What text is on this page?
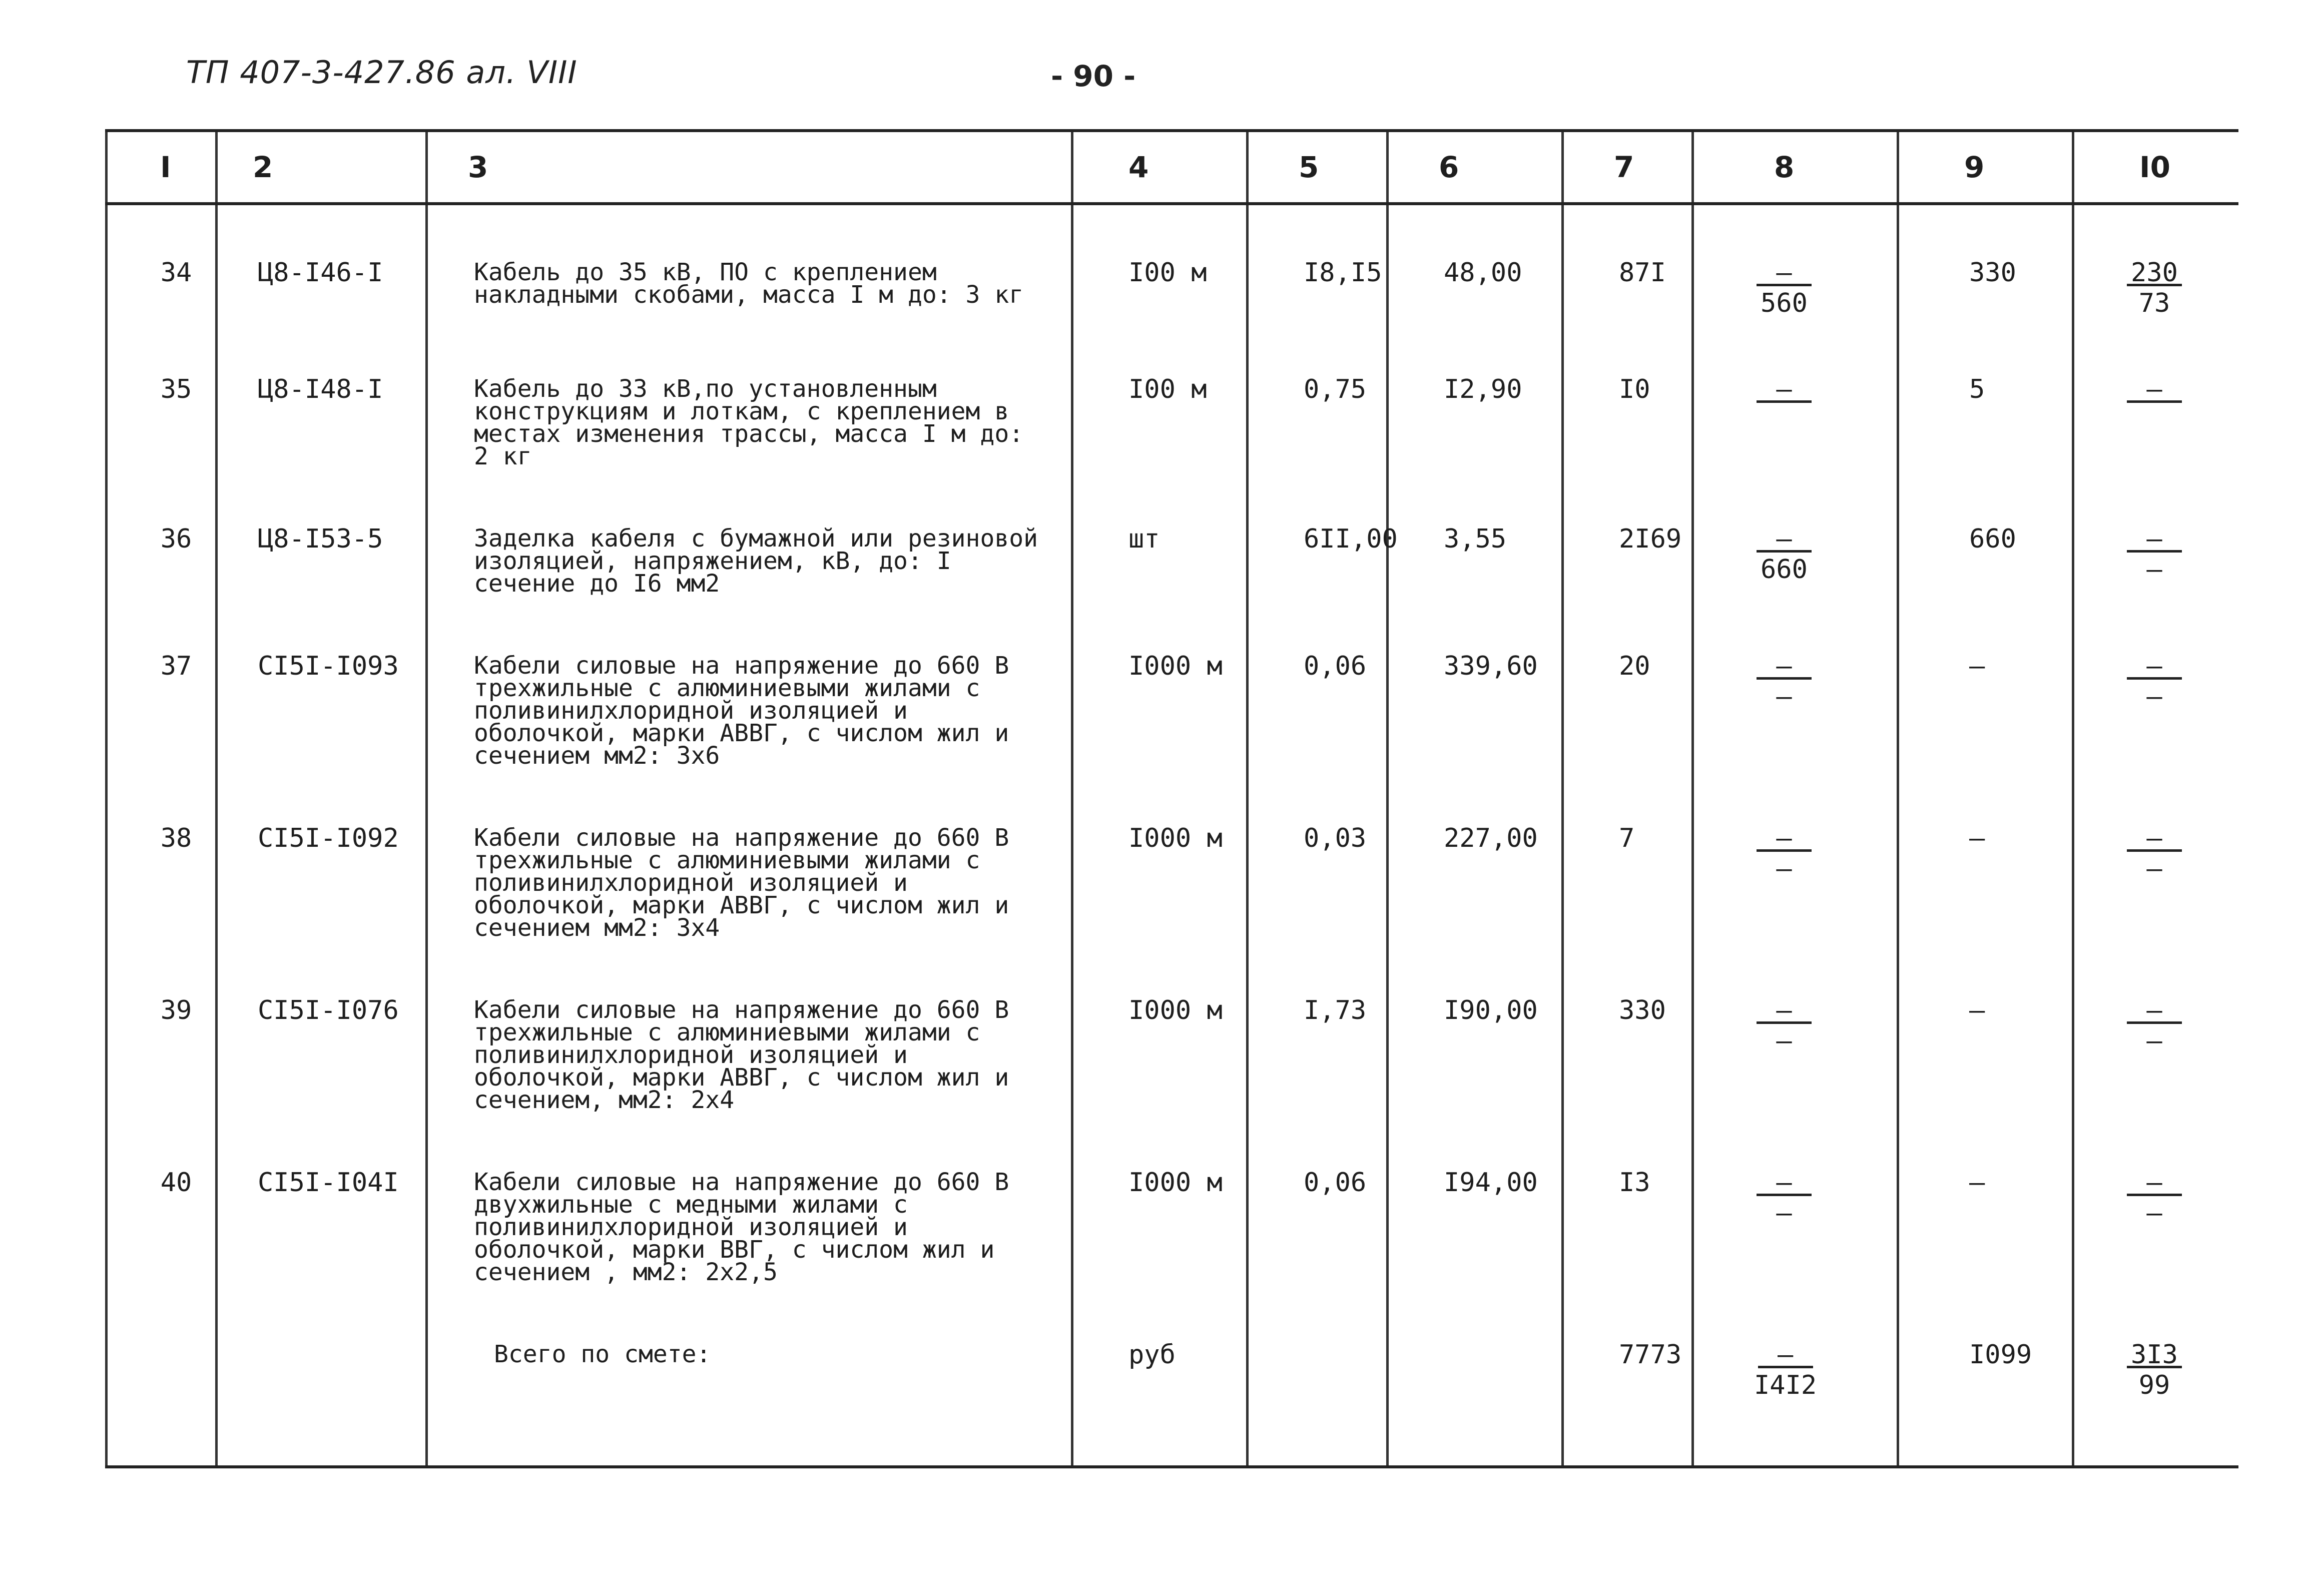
ТП 407-3-427.86 ал. VIII	- 90 -
I	2	3	4	5	6	7	8	9	I0
34	Ц8-I46-I	Кабель до 35 кВ, ПО с креплением накладными скобами, масса I м до: 3 кг	I00 м	I8,I5	48,00	87I	$\frac{-}{560}$	330	$\frac{230}{73}$

35	Ц8-I48-I	Кабель до 33 кВ,по установленным конструкциям и лоткам, с креплением в местах изменения трассы, масса I м до: 2 кг	I00 м	0,75	I2,90	I0	–	5	–

36	Ц8-I53-5	Заделка кабеля с бумажной или резиновой изоляцией, напряжением, кВ, до: I сечение до I6 мм2	шт	6II,00	3,55	2I69	$\frac{-}{660}$	660	$\frac{-}{-}$

37	СI5I-I093	Кабели силовые на напряжение до 660 В трехжильные с алюминиевыми жилами с поливинилхлоридной изоляцией и оболочкой, марки АВВГ, с числом жил и сечением мм2: 3х6	I000 м	0,06	339,60	20	$\frac{-}{-}$	–	$\frac{-}{-}$

38	СI5I-I092	Кабели силовые на напряжение до 660 В трехжильные с алюминиевыми жилами с поливинилхлоридной изоляцией и оболочкой, марки АВВГ, с числом жил и сечением мм2: 3х4	I000 м	0,03	227,00	7	$\frac{-}{-}$	–	$\frac{-}{-}$

39	СI5I-I076	Кабели силовые на напряжение до 660 В трехжильные с алюминиевыми жилами с поливинилхлоридной изоляцией и оболочкой, марки АВВГ, с числом жил и сечением, мм2: 2х4	I000 м	I,73	I90,00	330	$\frac{-}{-}$	–	$\frac{-}{-}$

40	СI5I-I04I	Кабели силовые на напряжение до 660 В двухжильные с медными жилами с поливинилхлоридной изоляцией и оболочкой, марки ВВГ, с числом жил и сечением , мм2: 2х2,5	I000 м	0,06	I94,00	I3	$\frac{-}{-}$	–	$\frac{-}{-}$

		Всего по смете:	руб			7773	$\frac{-}{I4I2}$	I099	$\frac{3I3}{99}$
